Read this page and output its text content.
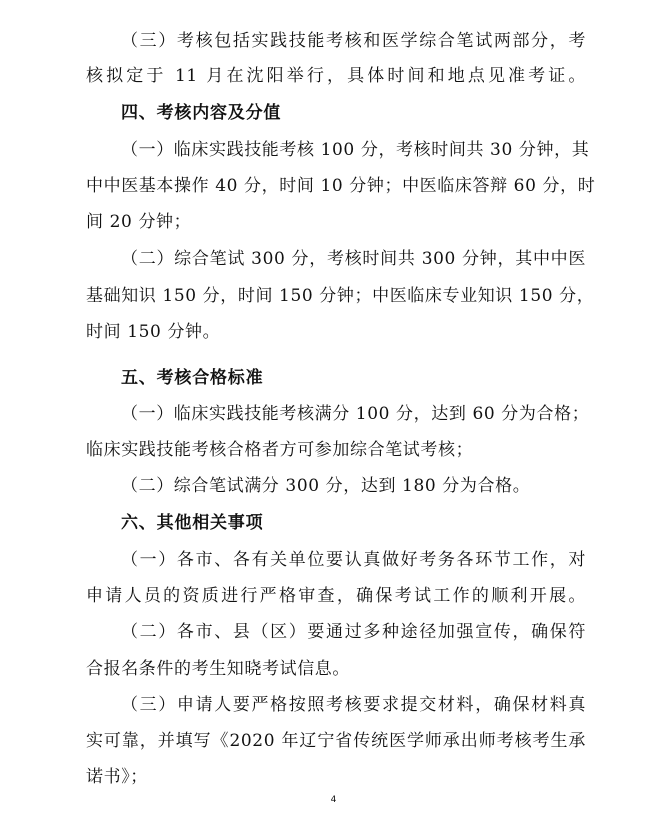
（三）考核包括实践技能考核和医学综合笔试两部分，考
核拟定于 11 月在沈阳举行，具体时间和地点见准考证。
四、考核内容及分值
（一）临床实践技能考核 100 分，考核时间共 30 分钟，其
中中医基本操作 40 分，时间 10 分钟；中医临床答辩 60 分，时
间 20 分钟；
（二）综合笔试 300 分，考核时间共 300 分钟，其中中医
基础知识 150 分，时间 150 分钟；中医临床专业知识 150 分，
时间 150 分钟。
五、考核合格标准
（一）临床实践技能考核满分 100 分，达到 60 分为合格；
临床实践技能考核合格者方可参加综合笔试考核；
（二）综合笔试满分 300 分，达到 180 分为合格。
六、其他相关事项
（一）各市、各有关单位要认真做好考务各环节工作，对
申请人员的资质进行严格审查，确保考试工作的顺利开展。
（二）各市、县（区）要通过多种途径加强宣传，确保符
合报名条件的考生知晓考试信息。
（三）申请人要严格按照考核要求提交材料，确保材料真
实可靠，并填写《2020 年辽宁省传统医学师承出师考核考生承
诺书》；
4
